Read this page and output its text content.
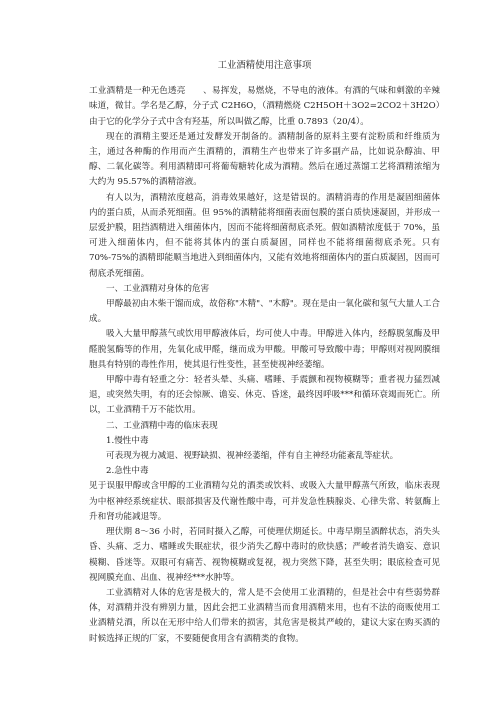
工业酒精使用注意事项

工业酒精是一种无色透亮　　、易挥发，易燃烧，不导电的液体。有酒的气味和刺激的辛辣味道，微甘。学名是乙醇，分子式 C2H6O，（酒精燃烧 C2H5OH＋3O2=2CO2＋3H2O）由于它的化学分子式中含有羟基，所以叫做乙醇，比重 0.7893（20/4）。

现在的酒精主要还是通过发酵发开制备的。酒精制备的原料主要有淀粉质和纤维质为主，通过各种酶的作用而产生酒精的，酒精生产也带来了许多副产品，比如说杂醇油、甲醇、二氧化碳等。利用酒精即可将葡萄糖转化成为酒精。然后在通过蒸馏工艺将酒精浓缩为大约为 95.57%的酒精溶液。

有人以为，酒精浓度越高，消毒效果越好，这是错误的。酒精消毒的作用是凝固细菌体内的蛋白质，从而杀死细菌。但 95%的酒精能将细菌表面包膜的蛋白质快速凝固，并形成一层爱护膜，阻挡酒精进入细菌体内，因而不能将细菌彻底杀死。假如酒精浓度低于 70%，虽可进入细菌体内，但不能将其体内的蛋白质凝固，同样也不能将细菌彻底杀死。只有 70%-75%的酒精即能顺当地进入到细菌体内，又能有效地将细菌体内的蛋白质凝固，因而可彻底杀死细菌。

一、工业酒精对身体的危害

甲醇最初由木柴干馏而成，故俗称"木精"、"木醇"。现在是由一氧化碳和氢气大量人工合成。

吸入大量甲醇蒸气或饮用甲醇液体后，均可使人中毒。甲醇进入体内，经醇脱氢酶及甲醛脱氢酶等的作用，先氧化成甲醛，继而成为甲酸。甲酸可导致酸中毒；甲醇则对视网膜细胞具有特别的毒性作用，使其退行性变性，甚至使视神经萎缩。

甲醇中毒有轻重之分：轻者头晕、头痛、嗜睡、手震颤和视物模糊等；重者视力猛烈减退，或突然失明，有的还会惊厥、谵妄、休克、昏迷，最终因呼吸***和循环衰竭而死亡。所以，工业酒精千万不能饮用。

二、工业酒精中毒的临床表现

1.慢性中毒

可表现为视力减退、视野缺损、视神经萎缩，伴有自主神经功能紊乱等症状。

2.急性中毒

见于误服甲醇或含甲醇的工业酒精勾兑的酒类或饮料、或吸入大量甲醇蒸气所致，临床表现为中枢神经系统症状、眼部损害及代谢性酸中毒，可并发急性胰腺炎、心律失常、转氨酶上升和肾功能减退等。

理伏期 8～36 小时，若同时摄入乙醇，可使理伏期延长。中毒早期呈酒醉状态，消失头昏、头痛、乏力、嗜睡或失眠症状，很少消失乙醇中毒时的欣快感；严峻者消失谵妄、意识模糊、昏迷等。双眼可有痛苦、视物模糊或复视，视力突然下降，甚至失明；眼底检查可见视网膜充血、出血、视神经***水肿等。

工业酒精对人体的危害是极大的，常人是不会使用工业酒精的，但是社会中有些弱势群体，对酒精并没有辨别力量，因此会把工业酒精当而食用酒精来用，也有不法的商贩使用工业酒精兑酒，所以在无形中给人们带来的损害，其危害是极其严峻的，建议大家在购买酒的时候选择正规的厂家，不要随便食用含有酒精类的食物。
